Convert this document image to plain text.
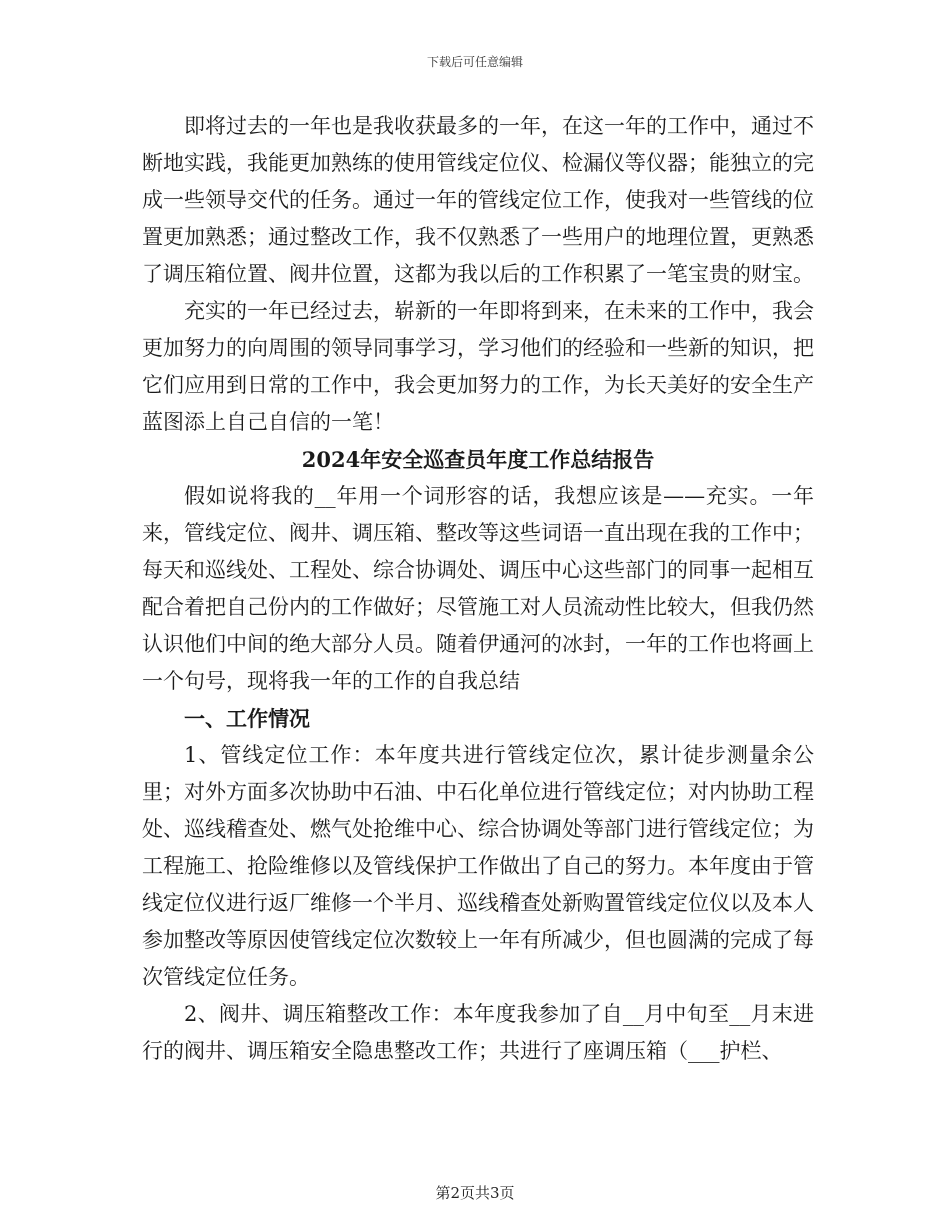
下载后可任意编辑

即将过去的一年也是我收获最多的一年，在这一年的工作中，通过不断地实践，我能更加熟练的使用管线定位仪、检漏仪等仪器；能独立的完成一些领导交代的任务。通过一年的管线定位工作，使我对一些管线的位置更加熟悉；通过整改工作，我不仅熟悉了一些用户的地理位置，更熟悉了调压箱位置、阀井位置，这都为我以后的工作积累了一笔宝贵的财宝。

充实的一年已经过去，崭新的一年即将到来，在未来的工作中，我会更加努力的向周围的领导同事学习，学习他们的经验和一些新的知识，把它们应用到日常的工作中，我会更加努力的工作，为长天美好的安全生产蓝图添上自己自信的一笔！

2024年安全巡查员年度工作总结报告

假如说将我的__年用一个词形容的话，我想应该是——充实。一年来，管线定位、阀井、调压箱、整改等这些词语一直出现在我的工作中；每天和巡线处、工程处、综合协调处、调压中心这些部门的同事一起相互配合着把自己份内的工作做好；尽管施工对人员流动性比较大，但我仍然认识他们中间的绝大部分人员。随着伊通河的冰封，一年的工作也将画上一个句号，现将我一年的工作的自我总结

一、工作情况

1、管线定位工作：本年度共进行管线定位次，累计徒步测量余公里；对外方面多次协助中石油、中石化单位进行管线定位；对内协助工程处、巡线稽查处、燃气处抢维中心、综合协调处等部门进行管线定位；为工程施工、抢险维修以及管线保护工作做出了自己的努力。本年度由于管线定位仪进行返厂维修一个半月、巡线稽查处新购置管线定位仪以及本人参加整改等原因使管线定位次数较上一年有所减少，但也圆满的完成了每次管线定位任务。

2、阀井、调压箱整改工作：本年度我参加了自__月中旬至__月末进行的阀井、调压箱安全隐患整改工作；共进行了座调压箱（___护栏、

第2页共3页
